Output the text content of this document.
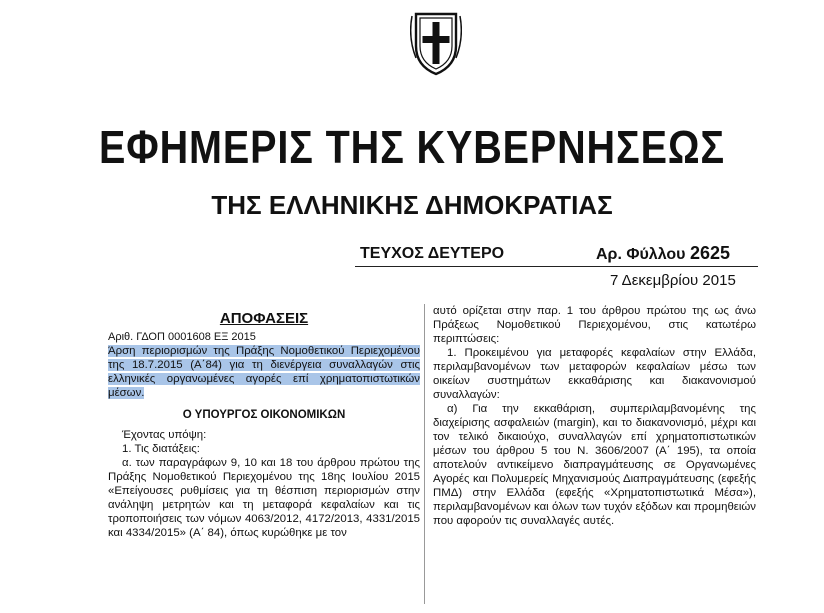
ΕΦΗΜΕΡΙΣ ΤΗΣ ΚΥΒΕΡΝΗΣΕΩΣ
ΤΗΣ ΕΛΛΗΝΙΚΗΣ ΔΗΜΟΚΡΑΤΙΑΣ
ΤΕΥΧΟΣ ΔΕΥΤΕΡΟ	Αρ. Φύλλου 2625
7 Δεκεμβρίου 2015
ΑΠΟΦΑΣΕΙΣ

Αριθ. ΓΔΟΠ 0001608 ΕΞ 2015

Άρση περιορισμών της Πράξης Νομοθετικού Περιεχομένου της 18.7.2015 (Α΄84) για τη διενέργεια συναλλαγών στις ελληνικές οργανωμένες αγορές επί χρηματοπιστωτικών μέσων.

Ο ΥΠΟΥΡΓΟΣ ΟΙΚΟΝΟΜΙΚΩΝ

Έχοντας υπόψη:

1. Τις διατάξεις:

α. των παραγράφων 9, 10 και 18 του άρθρου πρώτου της Πράξης Νομοθετικού Περιεχομένου της 18ης Ιουλίου 2015 «Επείγουσες ρυθμίσεις για τη θέσπιση περιορισμών στην ανάληψη μετρητών και τη μεταφορά κεφαλαίων και τις τροποποιήσεις των νόμων 4063/2012, 4172/2013, 4331/2015 και 4334/2015» (Α΄ 84), όπως κυρώθηκε με τον

αυτό ορίζεται στην παρ. 1 του άρθρου πρώτου της ως άνω Πράξεως Νομοθετικού Περιεχομένου, στις κατωτέρω περιπτώσεις:

1. Προκειμένου για μεταφορές κεφαλαίων στην Ελλάδα, περιλαμβανομένων των μεταφορών κεφαλαίων μέσω των οικείων συστημάτων εκκαθάρισης και διακανονισμού συναλλαγών:

α) Για την εκκαθάριση, συμπεριλαμβανομένης της διαχείρισης ασφαλειών (margin), και το διακανονισμό, μέχρι και τον τελικό δικαιούχο, συναλλαγών επί χρηματοπιστωτικών μέσων του άρθρου 5 του Ν. 3606/2007 (Α΄ 195), τα οποία αποτελούν αντικείμενο διαπραγμάτευσης σε Οργανωμένες Αγορές και Πολυμερείς Μηχανισμούς Διαπραγμάτευσης (εφεξής ΠΜΔ) στην Ελλάδα (εφεξής «Χρηματοπιστωτικά Μέσα»), περιλαμβανομένων και όλων των τυχόν εξόδων και προμηθειών που αφορούν τις συναλλαγές αυτές.
